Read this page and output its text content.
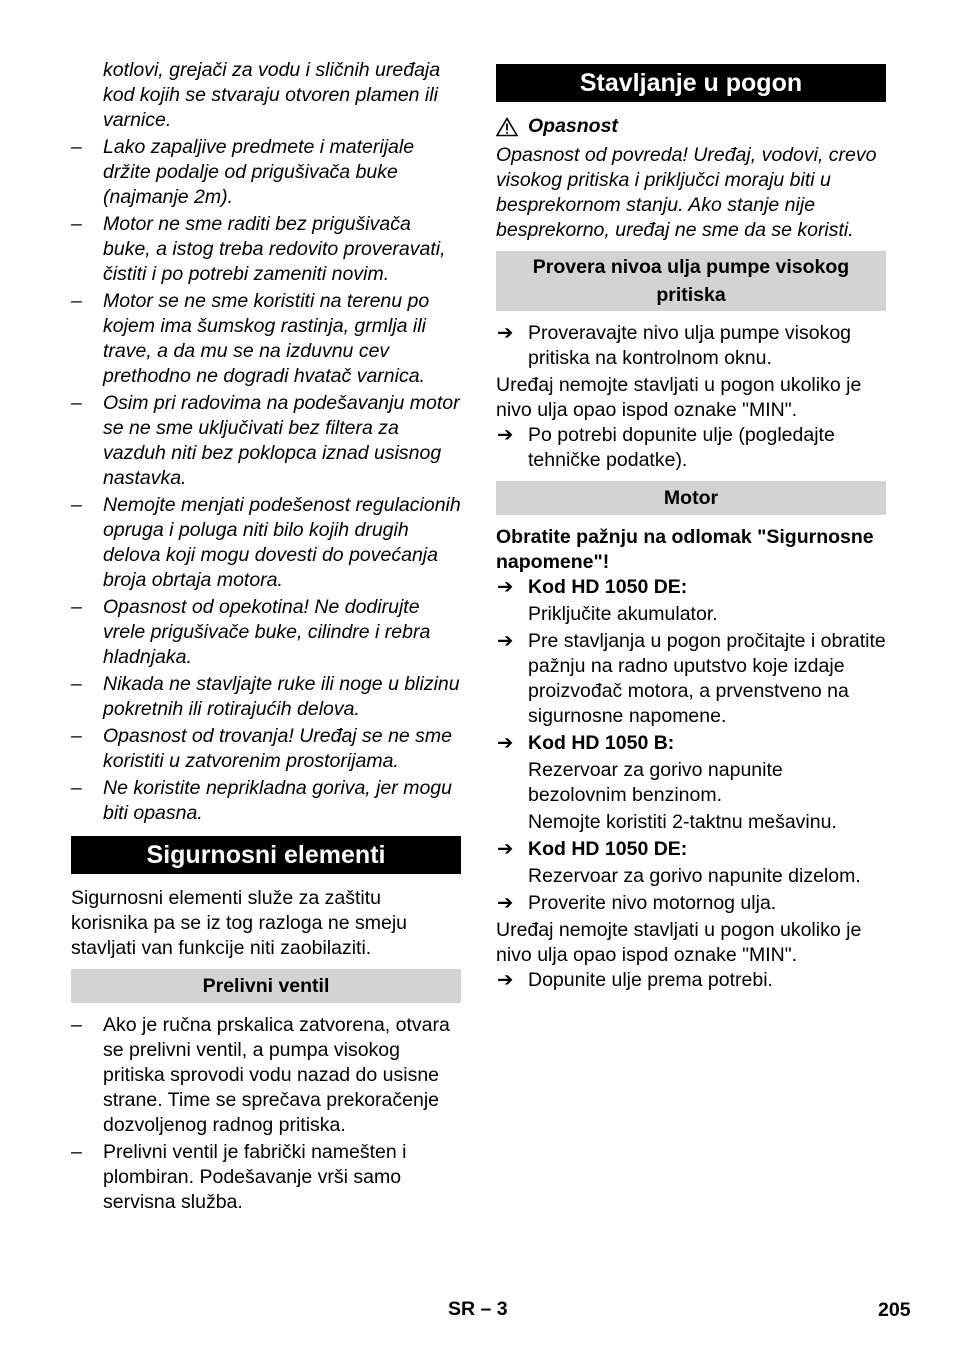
kotlovi, grejači za vodu i sličnih uređaja kod kojih se stvaraju otvoren plamen ili varnice.

–	Lako zapaljive predmete i materijale držite podalje od prigušivača buke (najmanje 2m).
–	Motor ne sme raditi bez prigušivača buke, a istog treba redovito proveravati, čistiti i po potrebi zameniti novim.
–	Motor se ne sme koristiti na terenu po kojem ima šumskog rastinja, grmlja ili trave, a da mu se na izduvnu cev prethodno ne dogradi hvatač varnica.
–	Osim pri radovima na podešavanju motor se ne sme uključivati bez filtera za vazduh niti bez poklopca iznad usisnog nastavka.
–	Nemojte menjati podešenost regulacionih opruga i poluga niti bilo kojih drugih delova koji mogu dovesti do povećanja broja obrtaja motora.
–	Opasnost od opekotina! Ne dodirujte vrele prigušivače buke, cilindre i rebra hladnjaka.
–	Nikada ne stavljajte ruke ili noge u blizinu pokretnih ili rotirajućih delova.
–	Opasnost od trovanja! Uređaj se ne sme koristiti u zatvorenim prostorijama.
–	Ne koristite neprikladna goriva, jer mogu biti opasna.
Sigurnosni elementi

Sigurnosni elementi služe za zaštitu korisnika pa se iz tog razloga ne smeju stavljati van funkcije niti zaobilaziti.

Prelivni ventil
–	Ako je ručna prskalica zatvorena, otvara se prelivni ventil, a pumpa visokog pritiska sprovodi vodu nazad do usisne strane. Time se sprečava prekoračenje dozvoljenog radnog pritiska.
–	Prelivni ventil je fabrički namešten i plombiran. Podešavanje vrši samo servisna služba.
Stavljanje u pogon
Opasnost

Opasnost od povreda! Uređaj, vodovi, crevo visokog pritiska i priključci moraju biti u besprekornom stanju. Ako stanje nije besprekorno, uređaj ne sme da se koristi.

Provera nivoa ulja pumpe visokog pritiska
➔ Proveravajte nivo ulja pumpe visokog pritiska na kontrolnom oknu.

Uređaj nemojte stavljati u pogon ukoliko je nivo ulja opao ispod oznake "MIN".

➔ Po potrebi dopunite ulje (pogledajte tehničke podatke).
Motor

Obratite pažnju na odlomak "Sigurnosne napomene"!

➔ Kod HD 1050 DE:

Priključite akumulator.

➔ Pre stavljanja u pogon pročitajte i obratite pažnju na radno uputstvo koje izdaje proizvođač motora, a prvenstveno na sigurnosne napomene.
➔ Kod HD 1050 B:

Rezervoar za gorivo napunite bezolovnim benzinom.

Nemojte koristiti 2-taktnu mešavinu.

➔ Kod HD 1050 DE:

Rezervoar za gorivo napunite dizelom.

➔ Proverite nivo motornog ulja.

Uređaj nemojte stavljati u pogon ukoliko je nivo ulja opao ispod oznake "MIN".

➔ Dopunite ulje prema potrebi.
SR – 3	205
